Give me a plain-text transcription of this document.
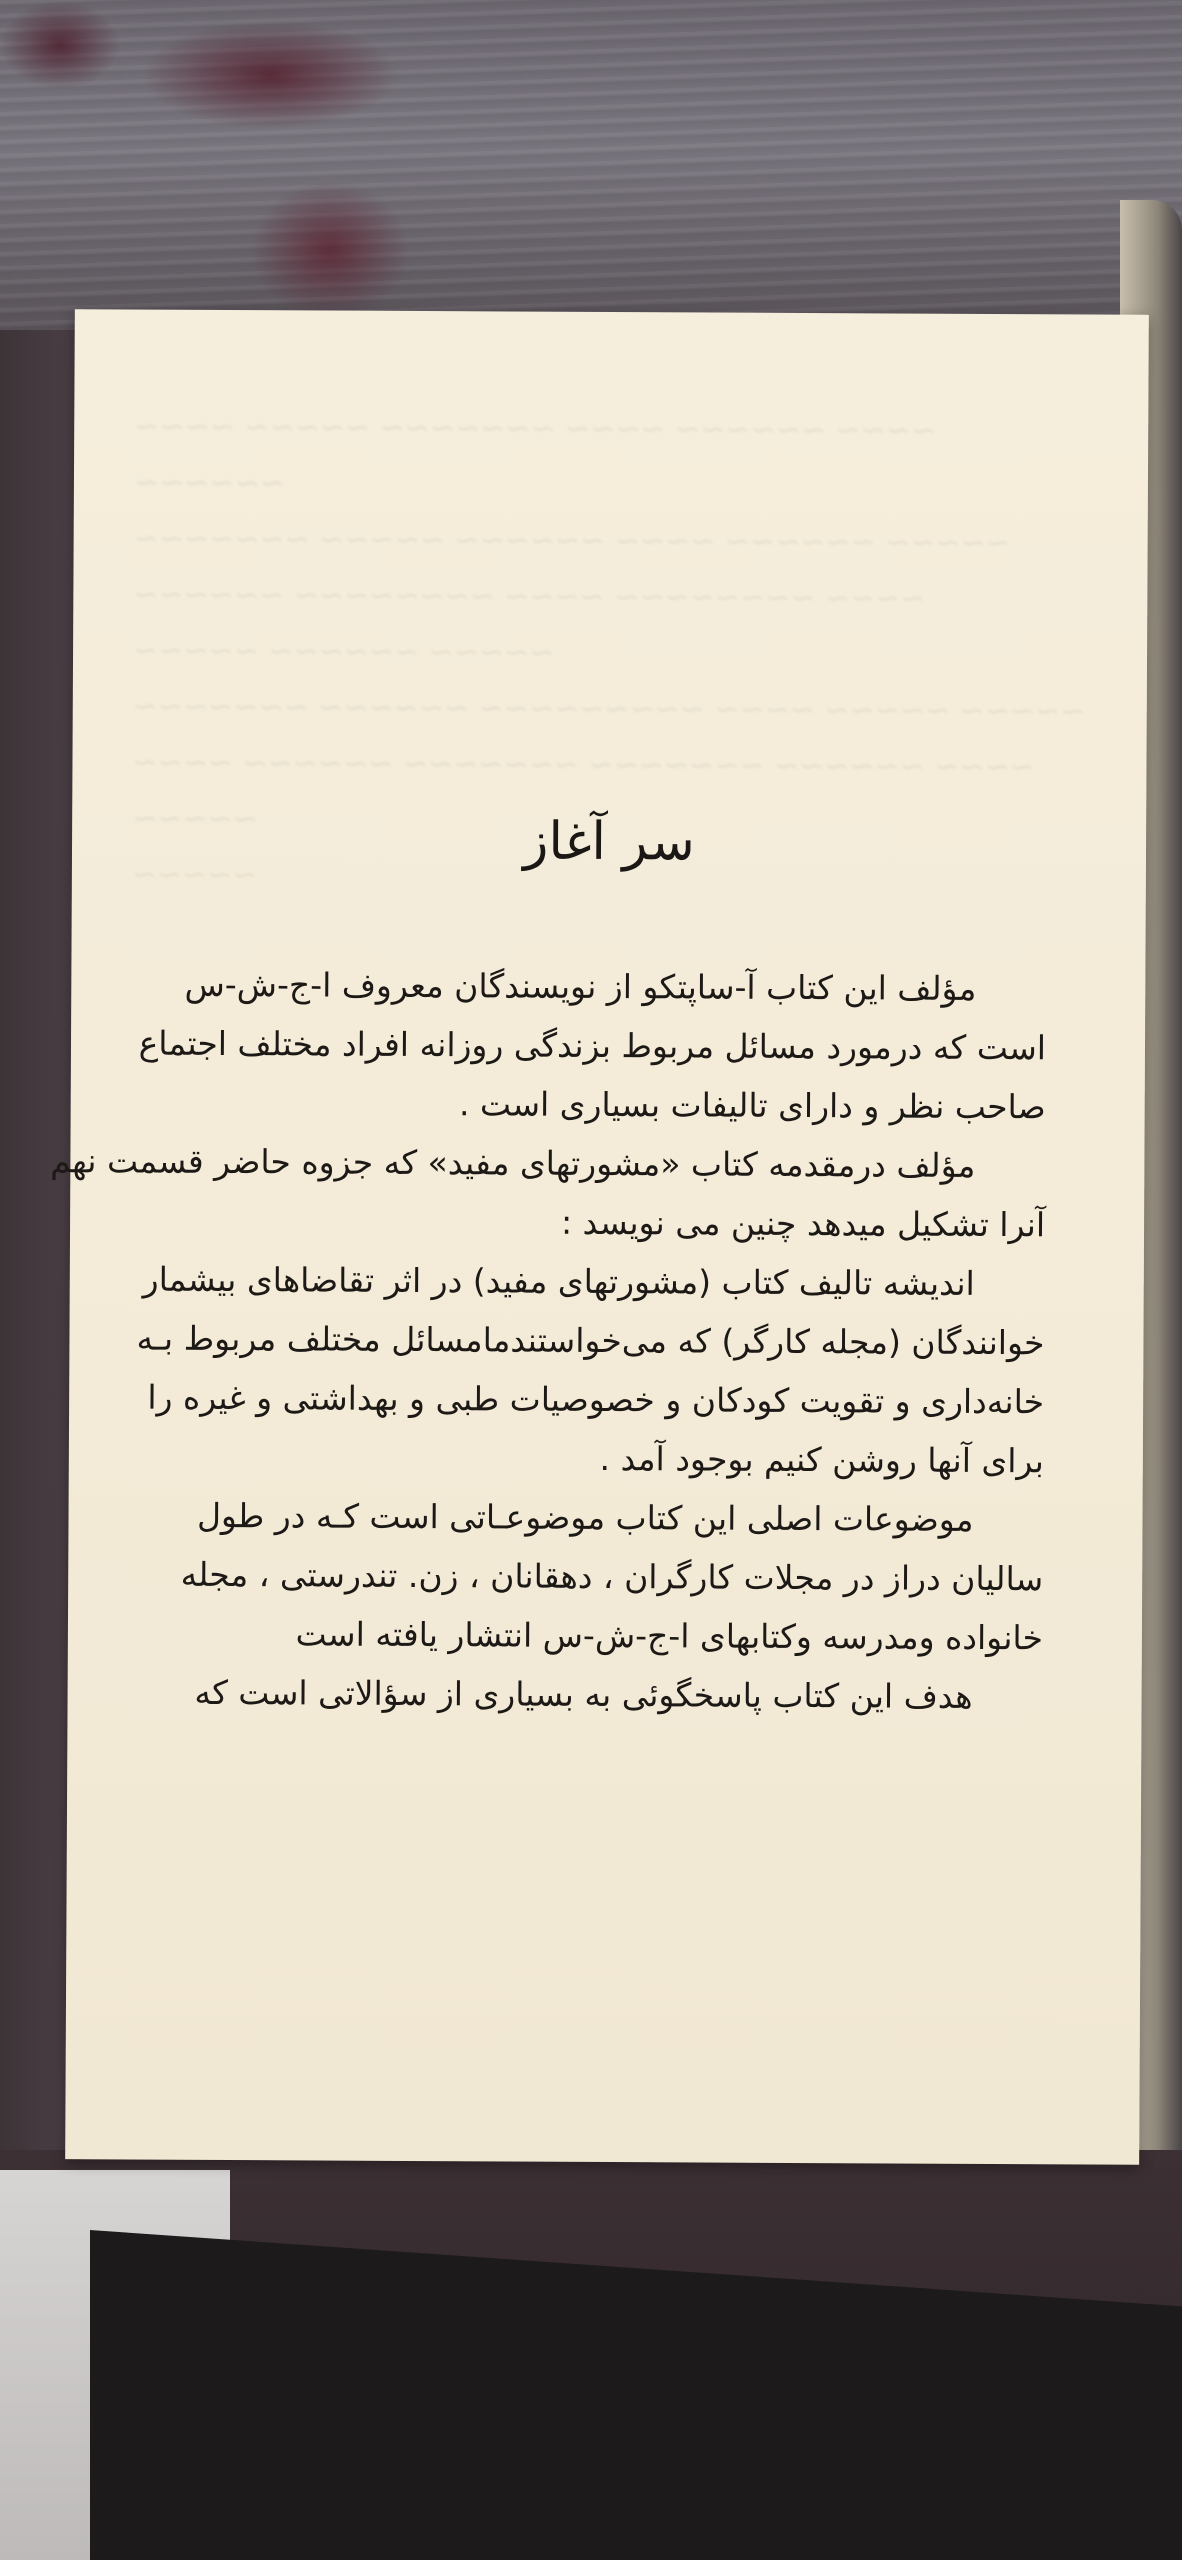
~~~~ ~~~~~ ~~~~~~~ ~~~~ ~~~~~~ ~~~~ ~~~~~~
~~~~~~~ ~~~~~ ~~~~~~ ~~~~ ~~~~~~ ~~~~~
~~~~~~ ~~~~~~~~ ~~~~ ~~~~~~~~ ~~~~
~~~~~ ~~~~~~ ~~~~~
~~~~~~~ ~~~~~~ ~~~~~~~~~ ~~~~ ~~~~~ ~~~~~
~~~~ ~~~~~~ ~~~~~~~ ~~~~~~~ ~~~~~~ ~~~~ ~~~~~
~~~~~

سر آغاز
مؤلف این کتاب آ-ساپتکو از نویسندگان معروف ا-ج-ش-س
است که درمورد مسائل مربوط بزندگی روزانه افراد مختلف اجتماع
صاحب نظر و دارای تالیفات بسیاری است .
مؤلف درمقدمه کتاب «مشورتهای مفید» که جزوه حاضر قسمت نهم
آنرا تشکیل میدهد چنین می نویسد :
اندیشه تالیف کتاب (مشورتهای مفید) در اثر تقاضاهای بیشمار
خوانندگان (مجله کارگر) که می‌خواستندمامسائل مختلف مربوط بـه
خانه‌داری و تقویت کودکان و خصوصیات طبی و بهداشتی و غیره را
برای آنها روشن کنیم بوجود آمد .
موضوعات اصلی این کتاب موضوعـاتی است کـه در طول
سالیان دراز در مجلات کارگران ، دهقانان ، زن. تندرستی ، مجله
خانواده ومدرسه وکتابهای ا-ج-ش-س انتشار یافته است
هدف این کتاب پاسخگوئی به بسیاری از سؤالاتی است که
